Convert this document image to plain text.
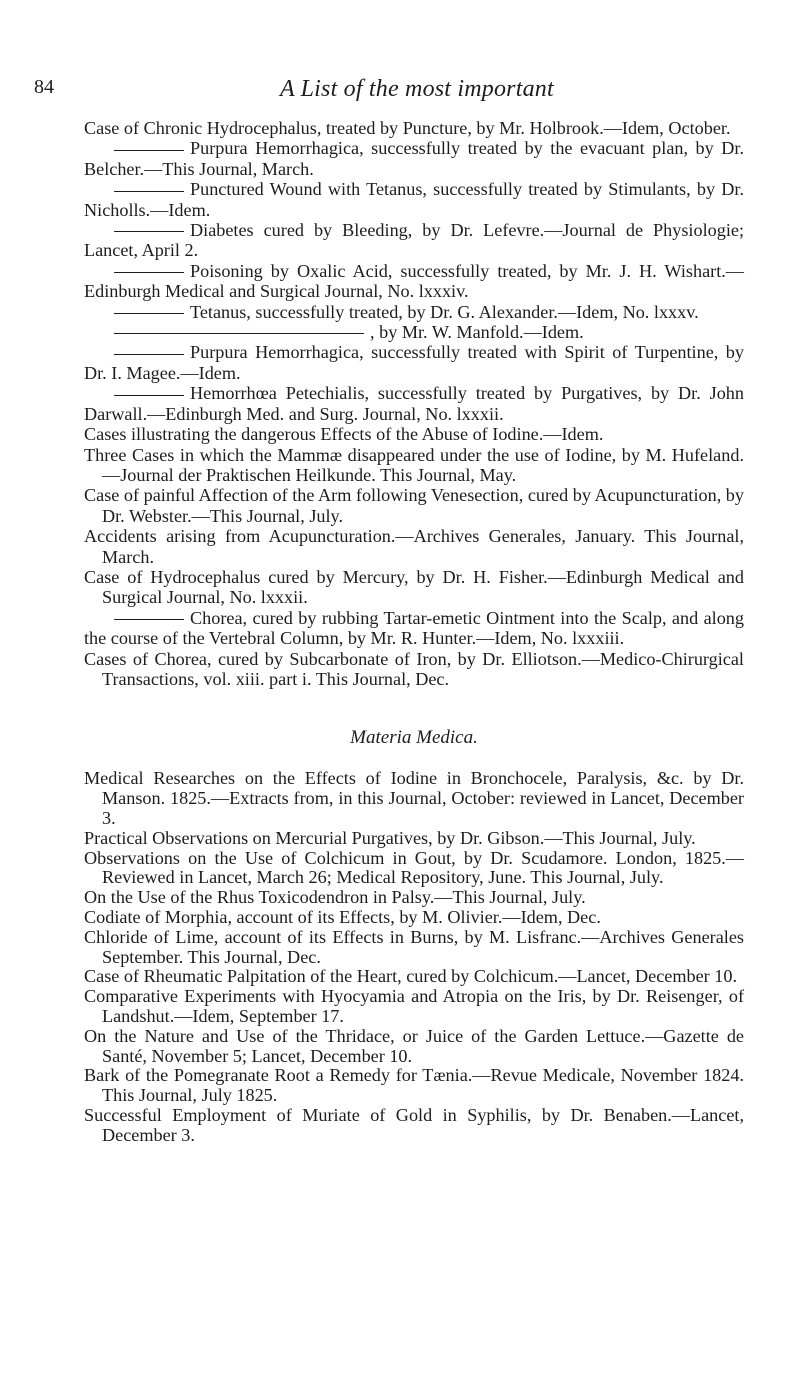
84	A List of the most important

Case of Chronic Hydrocephalus, treated by Puncture, by Mr. Holbrook.—Idem, October.

Purpura Hemorrhagica, successfully treated by the evacuant plan, by Dr. Belcher.—This Journal, March.

Punctured Wound with Tetanus, successfully treated by Stimulants, by Dr. Nicholls.—Idem.

Diabetes cured by Bleeding, by Dr. Lefevre.—Journal de Physiologie; Lancet, April 2.

Poisoning by Oxalic Acid, successfully treated, by Mr. J. H. Wishart.—Edinburgh Medical and Surgical Journal, No. lxxxiv.

Tetanus, successfully treated, by Dr. G. Alexander.—Idem, No. lxxxv.

, by Mr. W. Manfold.—Idem.

Purpura Hemorrhagica, successfully treated with Spirit of Turpentine, by Dr. I. Magee.—Idem.

Hemorrhœa Petechialis, successfully treated by Purgatives, by Dr. John Darwall.—Edinburgh Med. and Surg. Journal, No. lxxxii.

Cases illustrating the dangerous Effects of the Abuse of Iodine.—Idem.

Three Cases in which the Mammæ disappeared under the use of Iodine, by M. Hufeland.—Journal der Praktischen Heilkunde. This Journal, May.

Case of painful Affection of the Arm following Venesection, cured by Acupuncturation, by Dr. Webster.—This Journal, July.

Accidents arising from Acupuncturation.—Archives Generales, January. This Journal, March.

Case of Hydrocephalus cured by Mercury, by Dr. H. Fisher.—Edinburgh Medical and Surgical Journal, No. lxxxii.

Chorea, cured by rubbing Tartar-emetic Ointment into the Scalp, and along the course of the Vertebral Column, by Mr. R. Hunter.—Idem, No. lxxxiii.

Cases of Chorea, cured by Subcarbonate of Iron, by Dr. Elliotson.—Medico-Chirurgical Transactions, vol. xiii. part i. This Journal, Dec.

Materia Medica.

Medical Researches on the Effects of Iodine in Bronchocele, Paralysis, &c. by Dr. Manson. 1825.—Extracts from, in this Journal, October: reviewed in Lancet, December 3.

Practical Observations on Mercurial Purgatives, by Dr. Gibson.—This Journal, July.

Observations on the Use of Colchicum in Gout, by Dr. Scudamore. London, 1825.—Reviewed in Lancet, March 26; Medical Repository, June. This Journal, July.

On the Use of the Rhus Toxicodendron in Palsy.—This Journal, July.

Codiate of Morphia, account of its Effects, by M. Olivier.—Idem, Dec.

Chloride of Lime, account of its Effects in Burns, by M. Lisfranc.—Archives Generales September. This Journal, Dec.

Case of Rheumatic Palpitation of the Heart, cured by Colchicum.—Lancet, December 10.

Comparative Experiments with Hyocyamia and Atropia on the Iris, by Dr. Reisenger, of Landshut.—Idem, September 17.

On the Nature and Use of the Thridace, or Juice of the Garden Lettuce.—Gazette de Santé, November 5; Lancet, December 10.

Bark of the Pomegranate Root a Remedy for Tænia.—Revue Medicale, November 1824. This Journal, July 1825.

Successful Employment of Muriate of Gold in Syphilis, by Dr. Benaben.—Lancet, December 3.
